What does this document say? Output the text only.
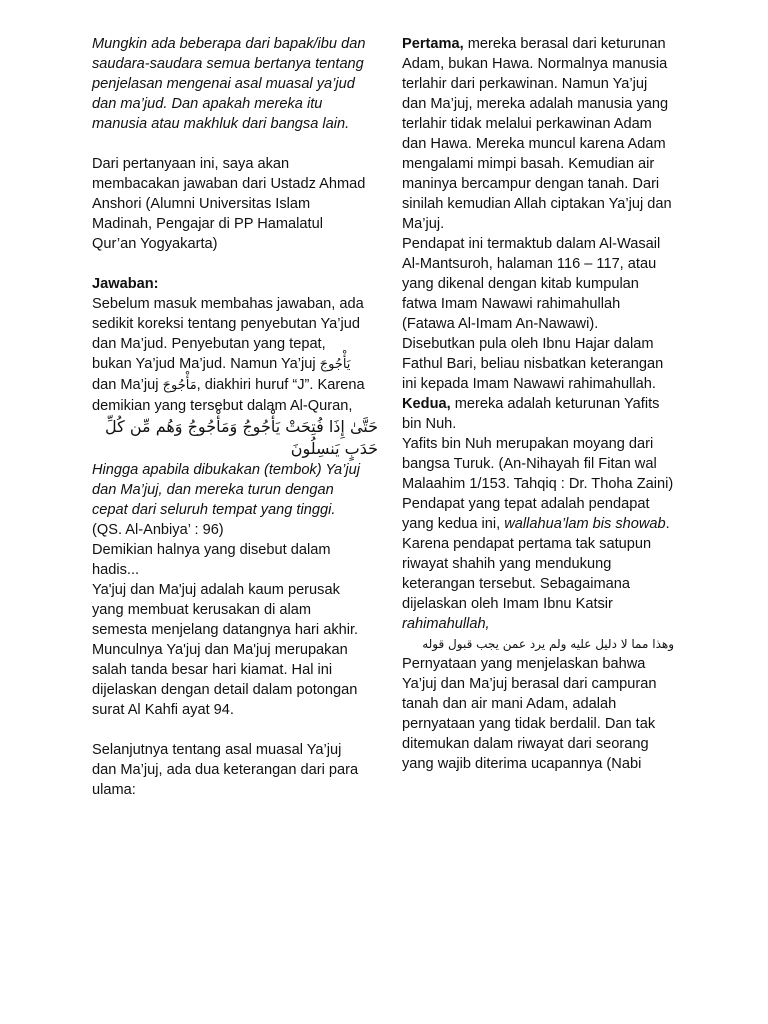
Mungkin ada beberapa dari bapak/ibu dan saudara-saudara semua bertanya tentang penjelasan mengenai asal muasal ya’jud dan ma’jud. Dan apakah mereka itu manusia atau makhluk dari bangsa lain.

Dari pertanyaan ini, saya akan membacakan jawaban dari Ustadz Ahmad Anshori (Alumni Universitas Islam Madinah, Pengajar di PP Hamalatul Qur’an Yogyakarta)

Jawaban:

Sebelum masuk membahas jawaban, ada sedikit koreksi tentang penyebutan Ya’jud dan Ma’jud. Penyebutan yang tepat, bukan Ya’jud Ma’jud. Namun Ya’juj يَأْجُوجَ dan Ma’juj مَأْجُوجَ, diakhiri huruf “J”. Karena demikian yang tersebut dalam Al-Quran,

حَتَّىٰ إِذَا فُتِحَتْ يَأْجُوجُ وَمَأْجُوجُ وَهُم مِّن كُلِّ حَدَبٍ يَنسِلُونَ

Hingga apabila dibukakan (tembok) Ya’juj dan Ma’juj, dan mereka turun dengan cepat dari seluruh tempat yang tinggi. (QS. Al-Anbiya’ : 96)

Demikian halnya yang disebut dalam hadis...

Ya'juj dan Ma'juj adalah kaum perusak yang membuat kerusakan di alam semesta menjelang datangnya hari akhir. Munculnya Ya'juj dan Ma'juj merupakan salah tanda besar hari kiamat. Hal ini dijelaskan dengan detail dalam potongan surat Al Kahfi ayat 94.

Selanjutnya tentang asal muasal Ya’juj dan Ma’juj, ada dua keterangan dari para ulama:

Pertama, mereka berasal dari keturunan Adam, bukan Hawa. Normalnya manusia terlahir dari perkawinan. Namun Ya’juj dan Ma’juj, mereka adalah manusia yang terlahir tidak melalui perkawinan Adam dan Hawa. Mereka muncul karena Adam mengalami mimpi basah. Kemudian air maninya bercampur dengan tanah. Dari sinilah kemudian Allah ciptakan Ya’juj dan Ma’juj.

Pendapat ini termaktub dalam Al-Wasail Al-Mantsuroh, halaman 116 – 117, atau yang dikenal dengan kitab kumpulan fatwa Imam Nawawi rahimahullah (Fatawa Al-Imam An-Nawawi). Disebutkan pula oleh Ibnu Hajar dalam Fathul Bari, beliau nisbatkan keterangan ini kepada Imam Nawawi rahimahullah.

Kedua, mereka adalah keturunan Yafits bin Nuh.

Yafits bin Nuh merupakan moyang dari bangsa Turuk. (An-Nihayah fil Fitan wal Malaahim 1/153. Tahqiq : Dr. Thoha Zaini)

Pendapat yang tepat adalah pendapat yang kedua ini, wallahua’lam bis showab.

Karena pendapat pertama tak satupun riwayat shahih yang mendukung keterangan tersebut. Sebagaimana dijelaskan oleh Imam Ibnu Katsir rahimahullah,

وهذا مما لا دليل عليه ولم يرد عمن يجب قبول قوله

Pernyataan yang menjelaskan bahwa Ya’juj dan Ma’juj berasal dari campuran tanah dan air mani Adam, adalah pernyataan yang tidak berdalil. Dan tak ditemukan dalam riwayat dari seorang yang wajib diterima ucapannya (Nabi
